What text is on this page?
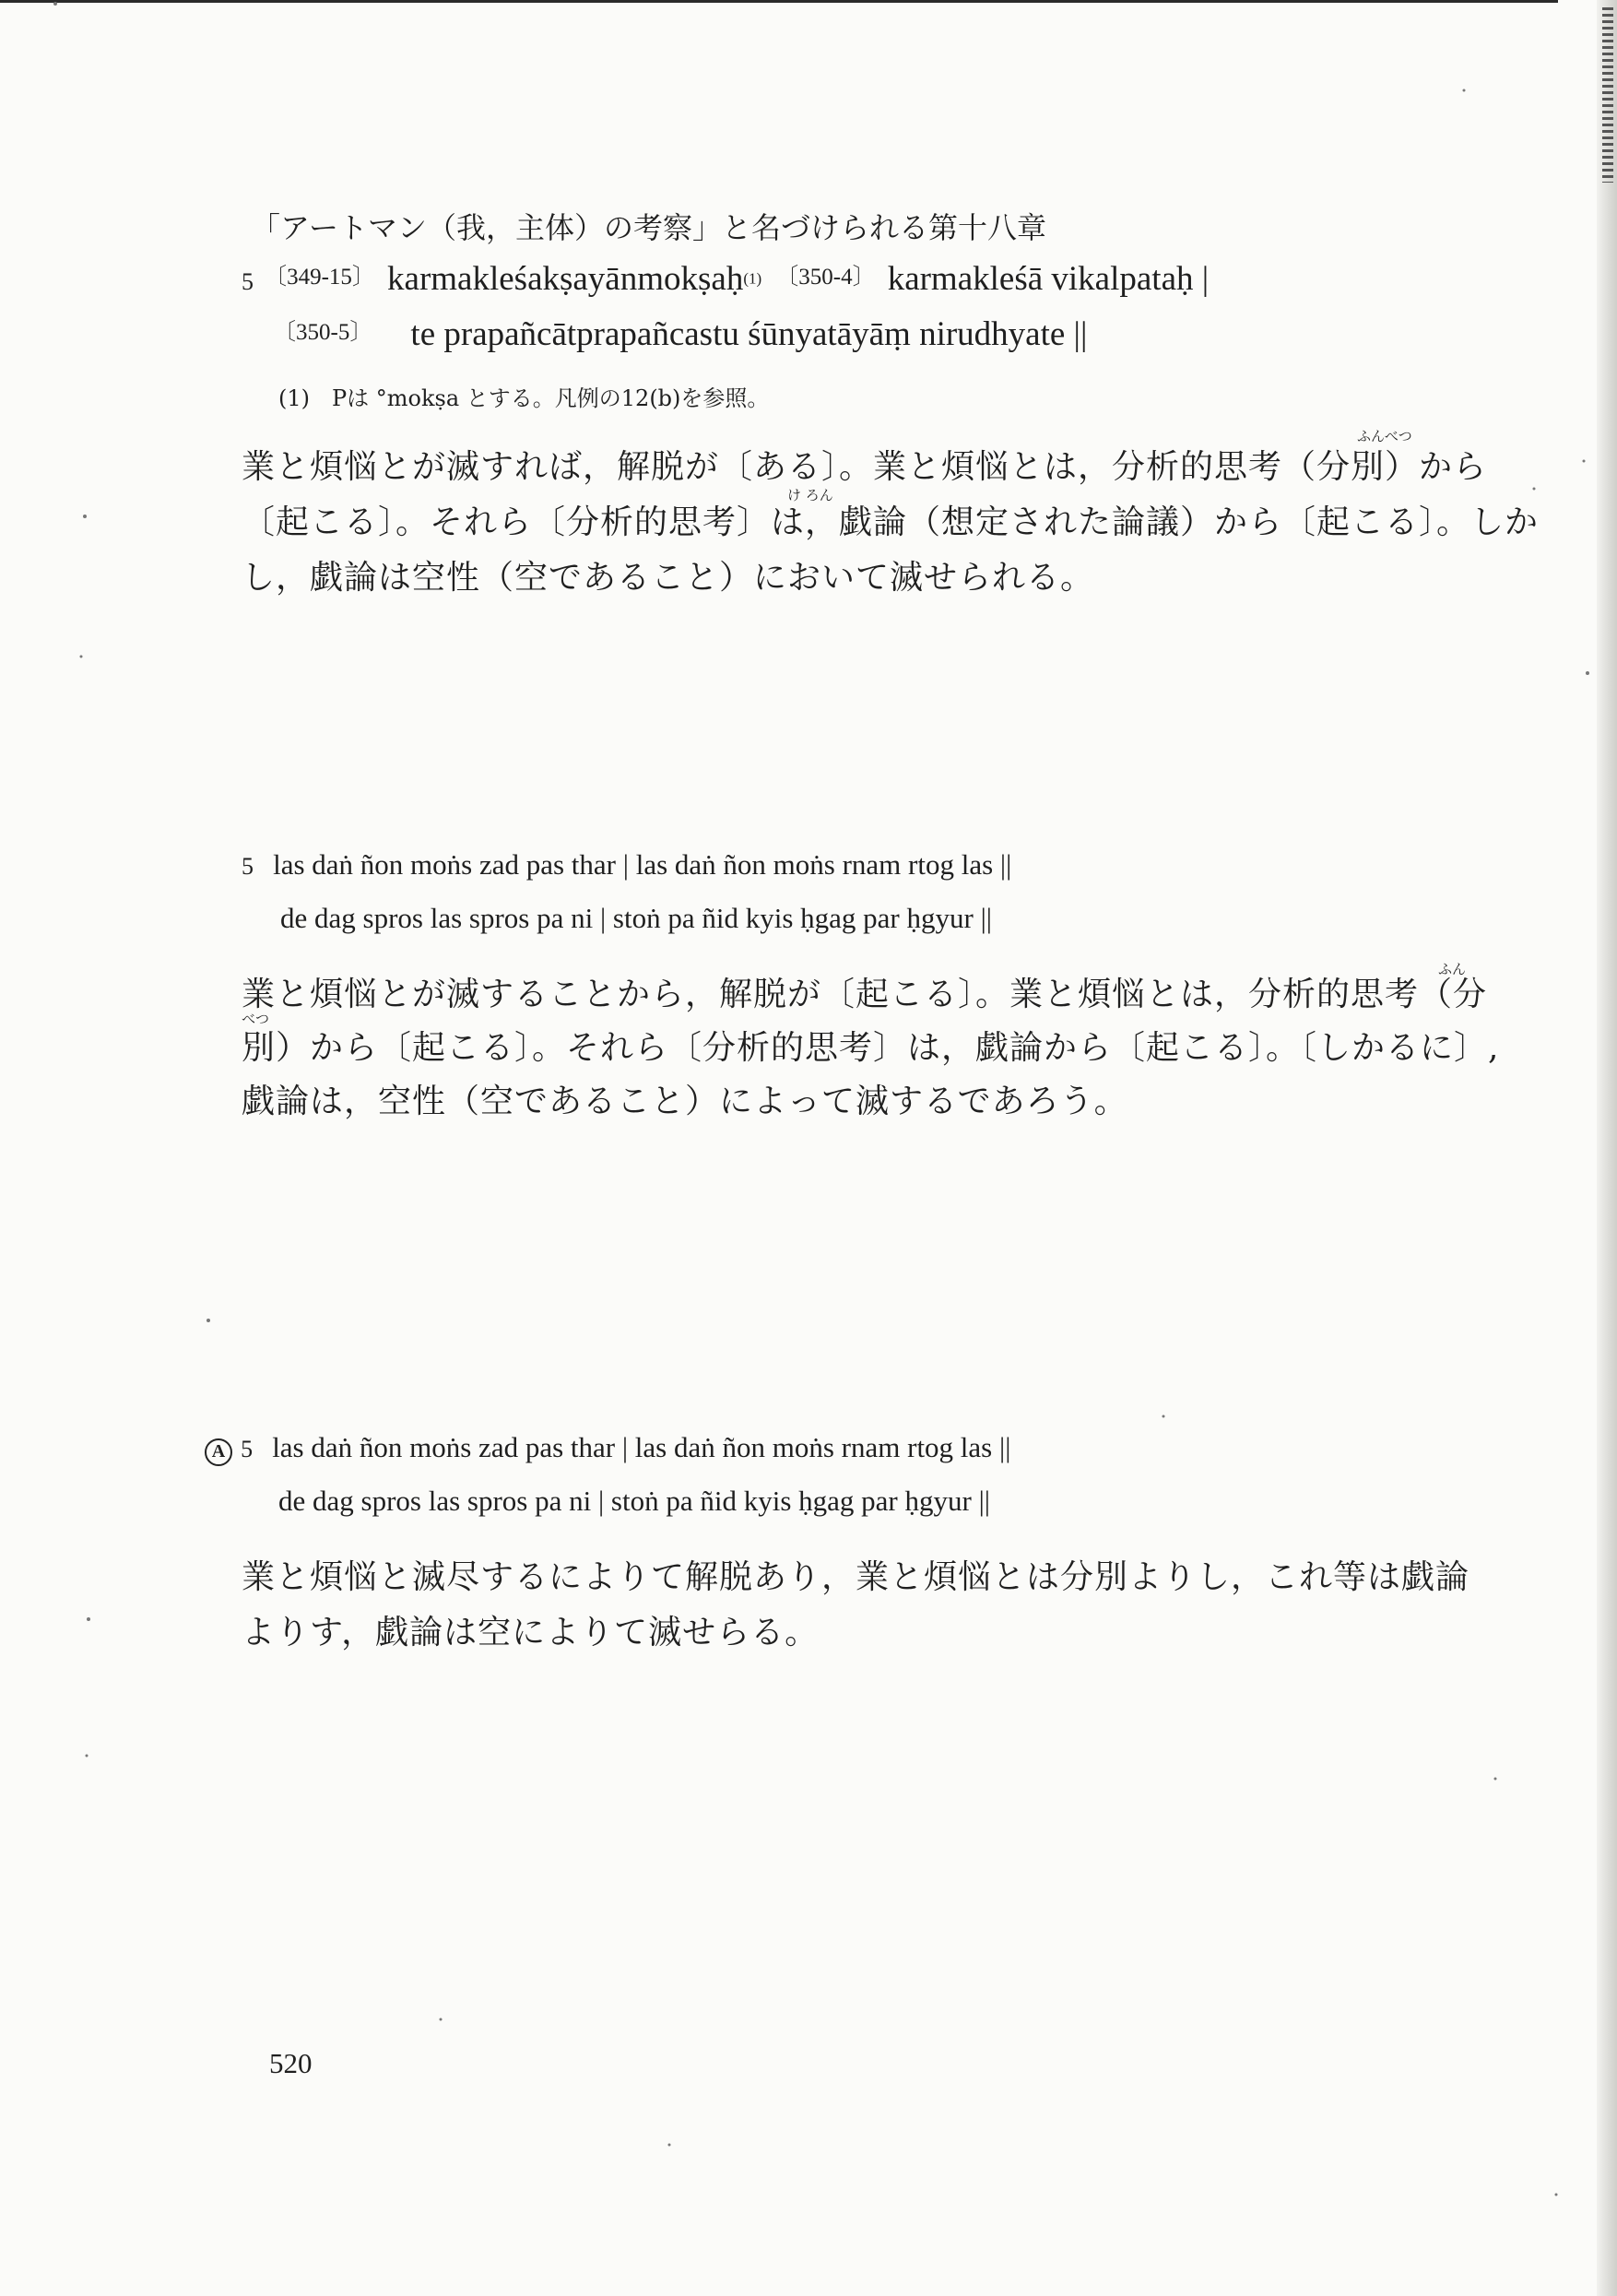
「アートマン（我，主体）の考察」と名づけられる第十八章
5 〔349-15〕 karmakleśakṣayānmokṣaḥ$^{(1)}$ 〔350-4〕 karmakleśā vikalpataḥ |
〔350-5〕 te prapañcātprapañcastu śūnyatāyāṃ nirudhyate ||
(1)　Pは °mokṣa とする。凡例の12(b)を参照。
ふんべつ
業と煩悩とが滅すれば，解脱が〔ある〕。業と煩悩とは，分析的思考（分別）から
け ろん
〔起こる〕。それら〔分析的思考〕は，戯論（想定された論議）から〔起こる〕。しか
し，戯論は空性（空であること）において滅せられる。
5 las daṅ ñon moṅs zad pas thar | las daṅ ñon moṅs rnam rtog las ||
de dag spros las spros pa ni | stoṅ pa ñid kyis ḥgag par ḥgyur ||
ふん
業と煩悩とが滅することから，解脱が〔起こる〕。業と煩悩とは，分析的思考（分
べつ
別）から〔起こる〕。それら〔分析的思考〕は，戯論から〔起こる〕。〔しかるに〕,
戯論は，空性（空であること）によって滅するであろう。
A 5 las daṅ ñon moṅs zad pas thar | las daṅ ñon moṅs rnam rtog las ||
de dag spros las spros pa ni | stoṅ pa ñid kyis ḥgag par ḥgyur ||
業と煩悩と滅尽するによりて解脱あり，業と煩悩とは分別よりし，これ等は戯論
よりす，戯論は空によりて滅せらる。
520
